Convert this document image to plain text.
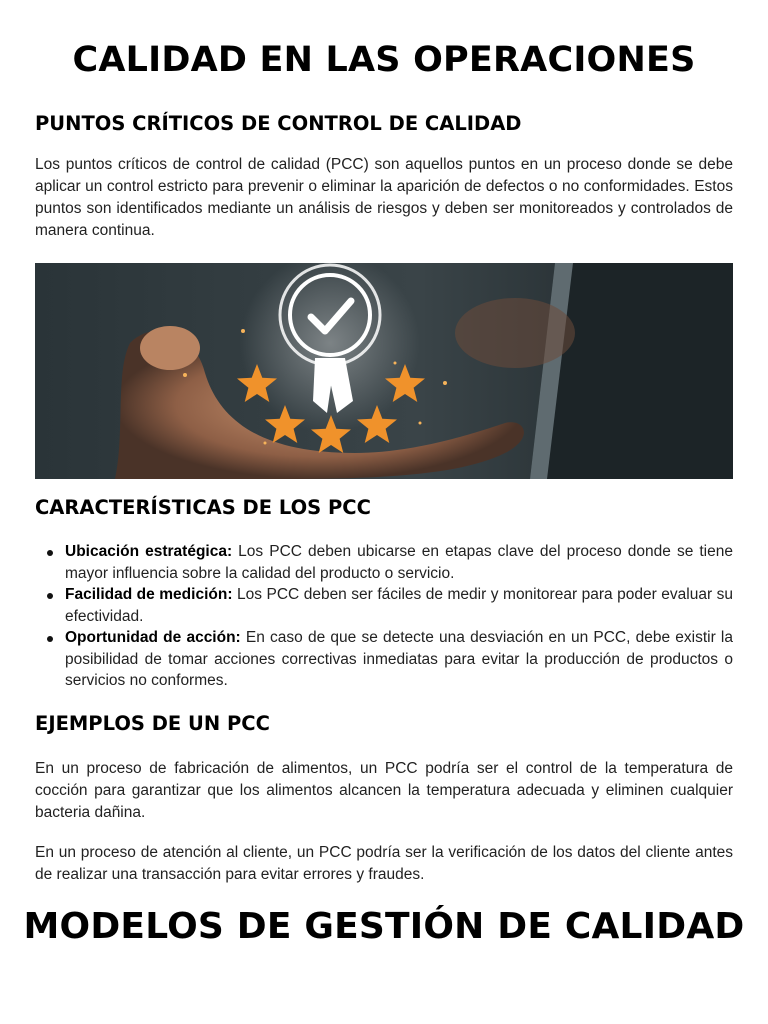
CALIDAD EN LAS OPERACIONES
PUNTOS CRÍTICOS DE CONTROL DE CALIDAD

Los puntos críticos de control de calidad (PCC) son aquellos puntos en un proceso donde se debe aplicar un control estricto para prevenir o eliminar la aparición de defectos o no conformidades. Estos puntos son identificados mediante un análisis de riesgos y deben ser monitoreados y controlados de manera continua.

CARACTERÍSTICAS DE LOS PCC
Ubicación estratégica: Los PCC deben ubicarse en etapas clave del proceso donde se tiene mayor influencia sobre la calidad del producto o servicio.
Facilidad de medición: Los PCC deben ser fáciles de medir y monitorear para poder evaluar su efectividad.
Oportunidad de acción: En caso de que se detecte una desviación en un PCC, debe existir la posibilidad de tomar acciones correctivas inmediatas para evitar la producción de productos o servicios no conformes.
EJEMPLOS DE UN PCC

En un proceso de fabricación de alimentos, un PCC podría ser el control de la temperatura de cocción para garantizar que los alimentos alcancen la temperatura adecuada y eliminen cualquier bacteria dañina.

En un proceso de atención al cliente, un PCC podría ser la verificación de los datos del cliente antes de realizar una transacción para evitar errores y fraudes.

MODELOS DE GESTIÓN DE CALIDAD
